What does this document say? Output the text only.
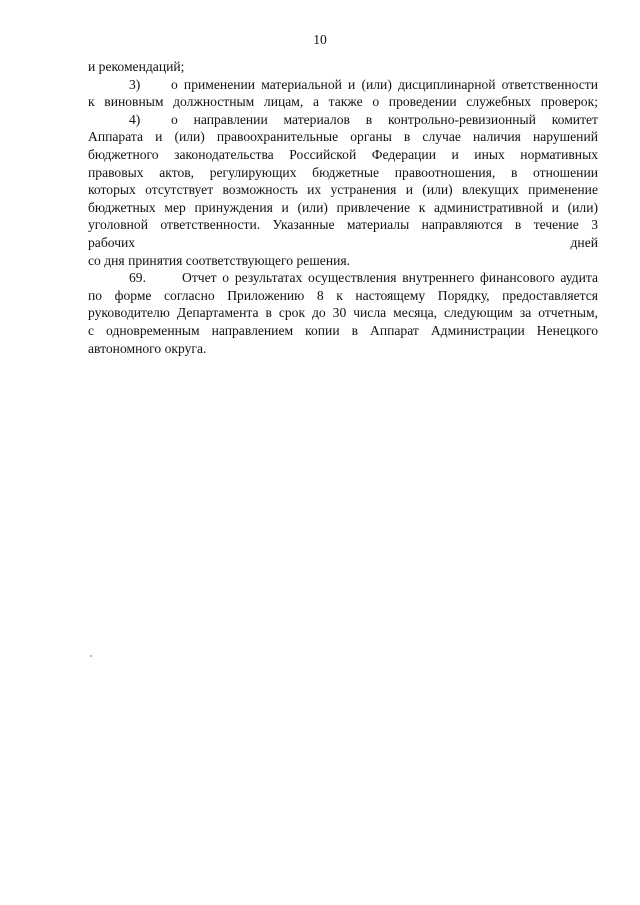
10
и рекомендаций;
3) о применении материальной и (или) дисциплинарной ответственности
к виновным должностным лицам, а также о проведении служебных проверок;
4) о направлении материалов в контрольно-ревизионный комитет
Аппарата и (или) правоохранительные органы в случае наличия нарушений
бюджетного законодательства Российской Федерации и иных нормативных
правовых актов, регулирующих бюджетные правоотношения, в отношении
которых отсутствует возможность их устранения и (или) влекущих применение
бюджетных мер принуждения и (или) привлечение к административной и (или)
уголовной ответственности. Указанные материалы направляются в течение 3
рабочих	дней
со дня принятия соответствующего решения.
69.	Отчет о результатах осуществления внутреннего финансового аудита
по форме согласно Приложению 8 к настоящему Порядку, предоставляется
руководителю Департамента в срок до 30 числа месяца, следующим за отчетным,
с одновременным направлением копии в Аппарат Администрации Ненецкого
автономного округа.
